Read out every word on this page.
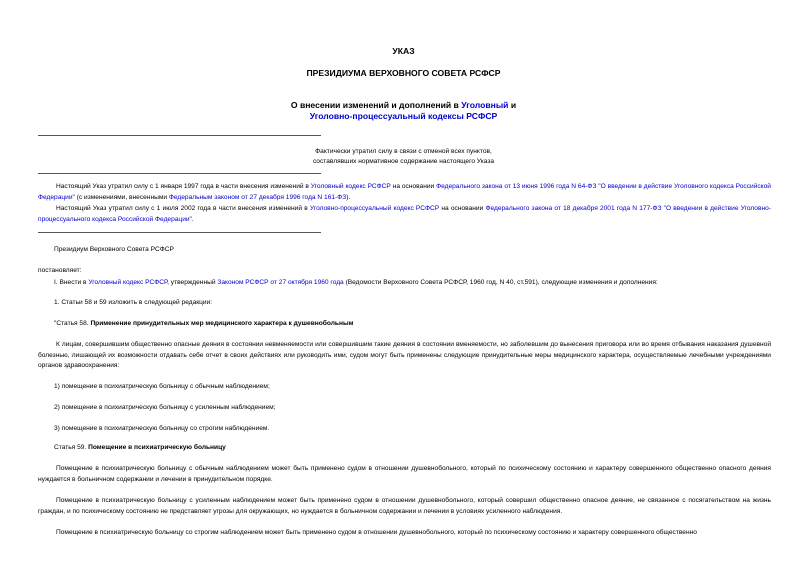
УКАЗ
ПРЕЗИДИУМА ВЕРХОВНОГО СОВЕТА РСФСР
О внесении изменений и дополнений в Уголовный и
Уголовно-процессуальный кодексы РСФСР
Фактически утратил силу в связи с отменой всех пунктов,
составлявших нормативное содержание настоящего Указа
Настоящий Указ утратил силу с 1 января 1997 года в части внесения изменений в Уголовный кодекс РСФСР на основании Федерального закона от 13 июня 1996 года N 64-ФЗ "О введении в действие Уголовного кодекса Российской Федерации" (с изменениями, внесенными Федеральным законом от 27 декабря 1996 года N 161-ФЗ).
Настоящий Указ утратил силу с 1 июля 2002 года в части внесения изменений в Уголовно-процессуальный кодекс РСФСР на основании Федерального закона от 18 декабря 2001 года N 177-ФЗ "О введении в действие Уголовно-процессуального кодекса Российской Федерации".
Президиум Верховного Совета РСФСР
постановляет:
I. Внести в Уголовный кодекс РСФСР, утвержденный Законом РСФСР от 27 октября 1960 года (Ведомости Верховного Совета РСФСР, 1960 год, N 40, ст.591), следующие изменения и дополнения:
1. Статьи 58 и 59 изложить в следующей редакции:
"Статья 58. Применение принудительных мер медицинского характера к душевнобольным
К лицам, совершившим общественно опасные деяния в состоянии невменяемости или совершившим такие деяния в состоянии вменяемости, но заболевшим до вынесения приговора или во время отбывания наказания душевной болезнью, лишающей их возможности отдавать себе отчет в своих действиях или руководить ими, судом могут быть применены следующие принудительные меры медицинского характера, осуществляемые лечебными учреждениями органов здравоохранения:
1) помещение в психиатрическую больницу с обычным наблюдением;
2) помещение в психиатрическую больницу с усиленным наблюдением;
3) помещение в психиатрическую больницу со строгим наблюдением.
Статья 59. Помещение в психиатрическую больницу
Помещение в психиатрическую больницу с обычным наблюдением может быть применено судом в отношении душевнобольного, который по психическому состоянию и характеру совершенного общественно опасного деяния нуждается в больничном содержании и лечении в принудительном порядке.
Помещение в психиатрическую больницу с усиленным наблюдением может быть применено судом в отношении душевнобольного, который совершил общественно опасное деяние, не связанное с посягательством на жизнь граждан, и по психическому состоянию не представляет угрозы для окружающих, но нуждается в больничном содержании и лечении в условиях усиленного наблюдения.
Помещение в психиатрическую больницу со строгим наблюдением может быть применено судом в отношении душевнобольного, который по психическому состоянию и характеру совершенного общественно
